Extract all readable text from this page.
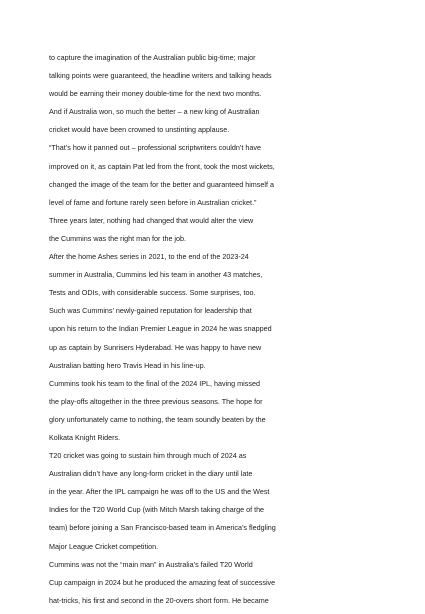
to capture the imagination of the Australian public big-time; major
talking points were guaranteed, the headline writers and talking heads
would be earning their money double-time for the next two months.
And if Australia won, so much the better – a new king of Australian
cricket would have been crowned to unstinting applause.
“That’s how it panned out – professional scriptwriters couldn’t have
improved on it, as captain Pat led from the front, took the most wickets,
changed the image of the team for the better and guaranteed himself a
level of fame and fortune rarely seen before in Australian cricket.”
Three years later, nothing had changed that would alter the view
the Cummins was the right man for the job.
After the home Ashes series in 2021, to the end of the 2023-24
summer in Australia, Cummins led his team in another 43 matches,
Tests and ODIs, with considerable success. Some surprises, too.
Such was Cummins’ newly-gained reputation for leadership that
upon his return to the Indian Premier League in 2024 he was snapped
up as captain by Sunrisers Hyderabad. He was happy to have new
Australian batting hero Travis Head in his line-up.
Cummins took his team to the final of the 2024 IPL, having missed
the play-offs altogether in the three previous seasons. The hope for
glory unfortunately came to nothing, the team soundly beaten by the
Kolkata Knight Riders.
T20 cricket was going to sustain him through much of 2024 as
Australian didn’t have any long-form cricket in the diary until late
in the year. After the IPL campaign he was off to the US and the West
Indies for the T20 World Cup (with Mitch Marsh taking charge of the
team) before joining a San Francisco-based team in America’s fledgling
Major League Cricket competition.
Cummins was not the “main man” in Australia’s failed T20 World
Cup campaign in 2024 but he produced the amazing feat of successive
hat-tricks, his first and second in the 20-overs short form. He became
